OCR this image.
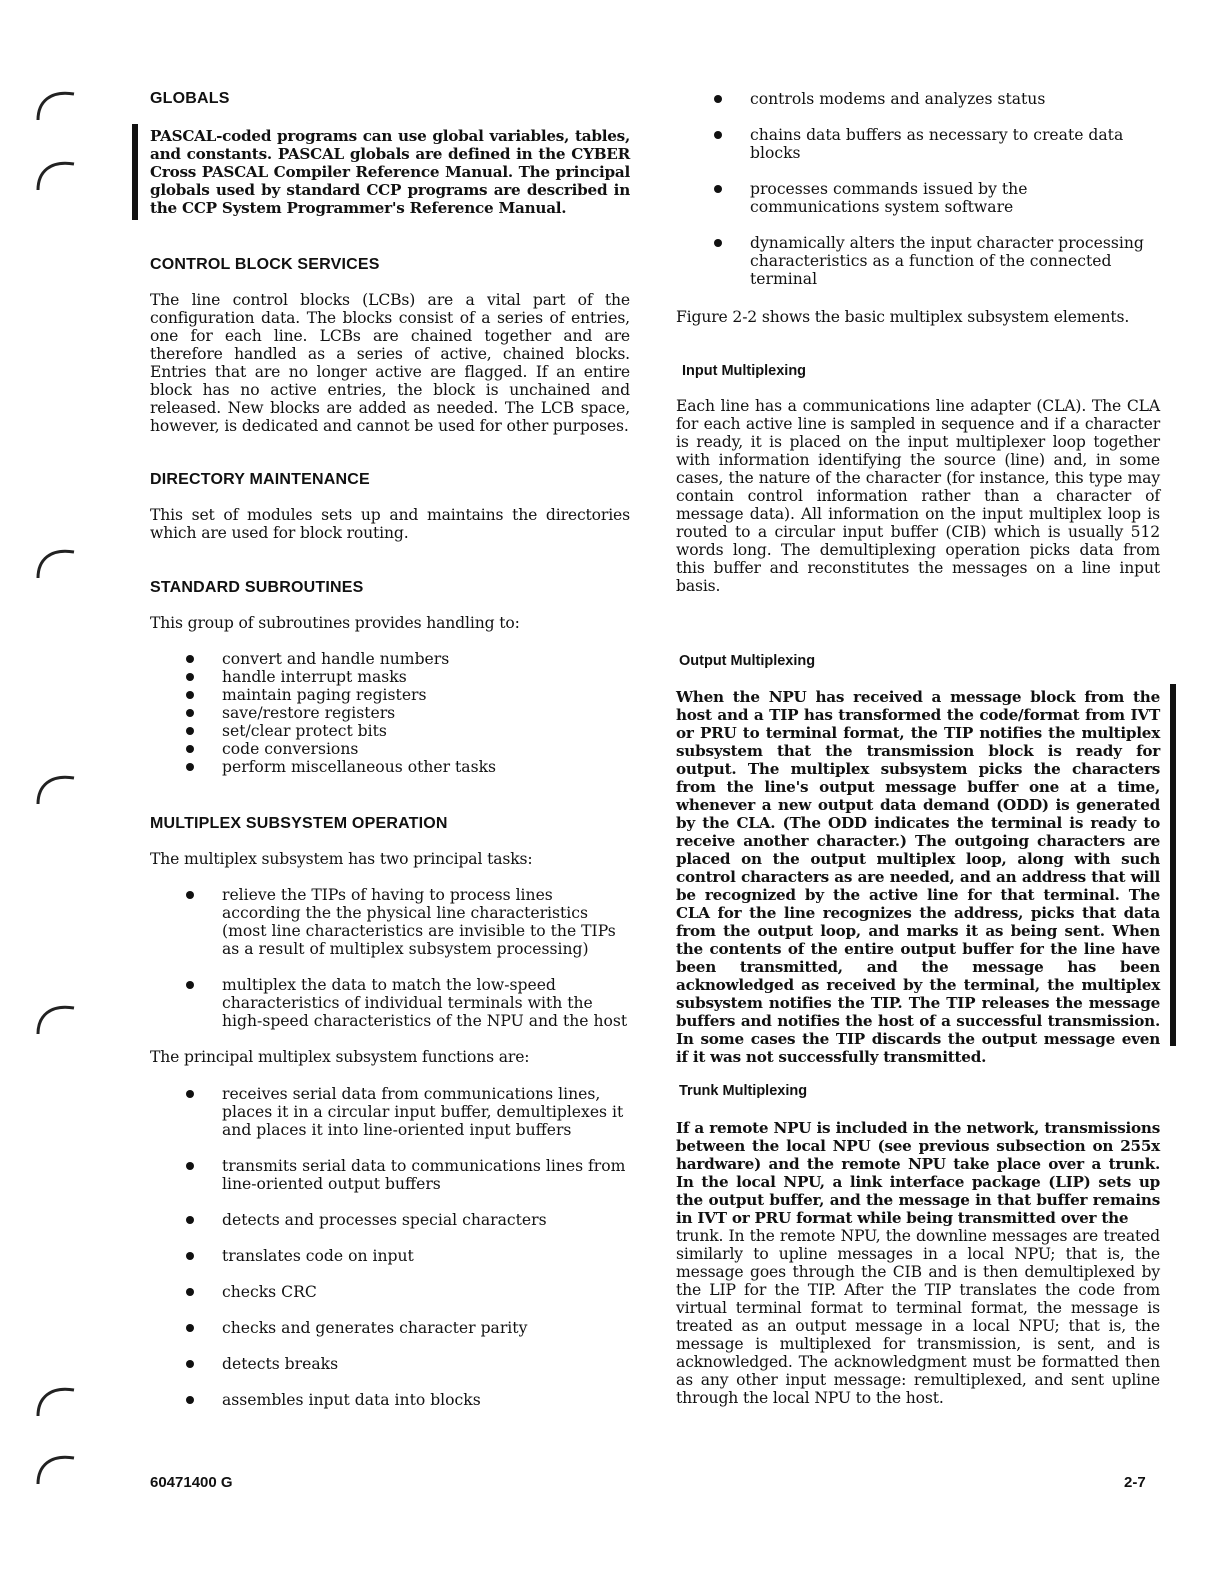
GLOBALS

PASCAL-coded programs can use global variables, tables, and constants. PASCAL globals are defined in the CYBER Cross PASCAL Compiler Reference Manual. The principal globals used by standard CCP programs are described in the CCP System Programmer's Reference Manual.

CONTROL BLOCK SERVICES

The line control blocks (LCBs) are a vital part of the configuration data. The blocks consist of a series of entries, one for each line. LCBs are chained together and are therefore handled as a series of active, chained blocks. Entries that are no longer active are flagged. If an entire block has no active entries, the block is unchained and released. New blocks are added as needed. The LCB space, however, is dedicated and cannot be used for other purposes.

DIRECTORY MAINTENANCE

This set of modules sets up and maintains the directories which are used for block routing.

STANDARD SUBROUTINES

This group of subroutines provides handling to:

convert and handle numbers
handle interrupt masks
maintain paging registers
save/restore registers
set/clear protect bits
code conversions
perform miscellaneous other tasks

MULTIPLEX SUBSYSTEM OPERATION

The multiplex subsystem has two principal tasks:

relieve the TIPs of having to process lines according the the physical line characteristics (most line characteristics are invisible to the TIPs as a result of multiplex subsystem processing)
multiplex the data to match the low-speed characteristics of individual terminals with the high-speed characteristics of the NPU and the host

The principal multiplex subsystem functions are:

receives serial data from communications lines, places it in a circular input buffer, demultiplexes it and places it into line-oriented input buffers
transmits serial data to communications lines from line-oriented output buffers
detects and processes special characters
translates code on input
checks CRC
checks and generates character parity
detects breaks
assembles input data into blocks
controls modems and analyzes status
chains data buffers as necessary to create data blocks
processes commands issued by the communications system software
dynamically alters the input character processing characteristics as a function of the connected terminal

Figure 2-2 shows the basic multiplex subsystem elements.

Input Multiplexing

Each line has a communications line adapter (CLA). The CLA for each active line is sampled in sequence and if a character is ready, it is placed on the input multiplexer loop together with information identifying the source (line) and, in some cases, the nature of the character (for instance, this type may contain control information rather than a character of message data). All information on the input multiplex loop is routed to a circular input buffer (CIB) which is usually 512 words long. The demultiplexing operation picks data from this buffer and reconstitutes the messages on a line input basis.

Output Multiplexing

When the NPU has received a message block from the host and a TIP has transformed the code/format from IVT or PRU to terminal format, the TIP notifies the multiplex subsystem that the transmission block is ready for output. The multiplex subsystem picks the characters from the line's output message buffer one at a time, whenever a new output data demand (ODD) is generated by the CLA. (The ODD indicates the terminal is ready to receive another character.) The outgoing characters are placed on the output multiplex loop, along with such control characters as are needed, and an address that will be recognized by the active line for that terminal. The CLA for the line recognizes the address, picks that data from the output loop, and marks it as being sent. When the contents of the entire output buffer for the line have been transmitted, and the message has been acknowledged as received by the terminal, the multiplex subsystem notifies the TIP. The TIP releases the message buffers and notifies the host of a successful transmission. In some cases the TIP discards the output message even if it was not successfully transmitted.

Trunk Multiplexing

If a remote NPU is included in the network, transmissions between the local NPU (see previous subsection on 255x hardware) and the remote NPU take place over a trunk. In the local NPU, a link interface package (LIP) sets up the output buffer, and the message in that buffer remains in IVT or PRU format while being transmitted over the

trunk. In the remote NPU, the downline messages are treated similarly to upline messages in a local NPU; that is, the message goes through the CIB and is then demultiplexed by the LIP for the TIP. After the TIP translates the code from virtual terminal format to terminal format, the message is treated as an output message in a local NPU; that is, the message is multiplexed for transmission, is sent, and is acknowledged. The acknowledgment must be formatted then as any other input message: remultiplexed, and sent upline through the local NPU to the host.

60471400 G	2-7
